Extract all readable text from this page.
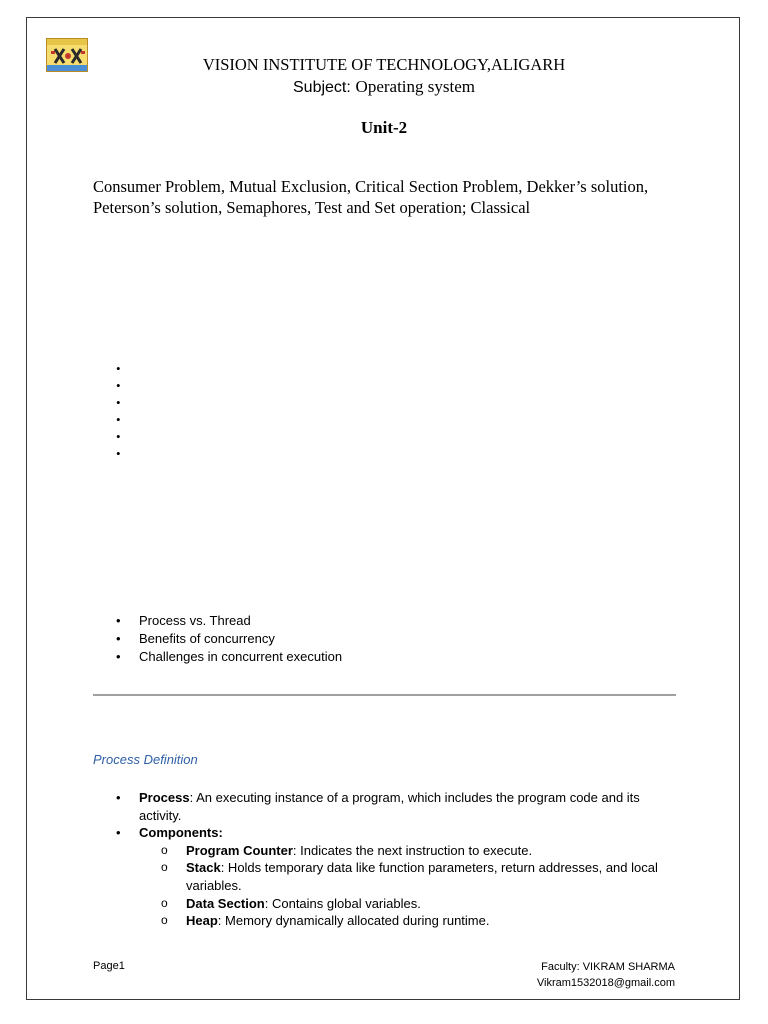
VISION INSTITUTE OF TECHNOLOGY,ALIGARH
Subject: Operating system
Unit-2
Consumer Problem, Mutual Exclusion, Critical Section Problem, Dekker’s solution, Peterson’s solution, Semaphores, Test and Set operation; Classical
•
•
•
•
•
•
• Process vs. Thread
• Benefits of concurrency
• Challenges in concurrent execution
Process Definition
• Process: An executing instance of a program, which includes the program code and its activity.
• Components:
o Program Counter: Indicates the next instruction to execute.
o Stack: Holds temporary data like function parameters, return addresses, and local variables.
o Data Section: Contains global variables.
o Heap: Memory dynamically allocated during runtime.
Page1	Faculty: VIKRAM SHARMA
Vikram1532018@gmail.com
